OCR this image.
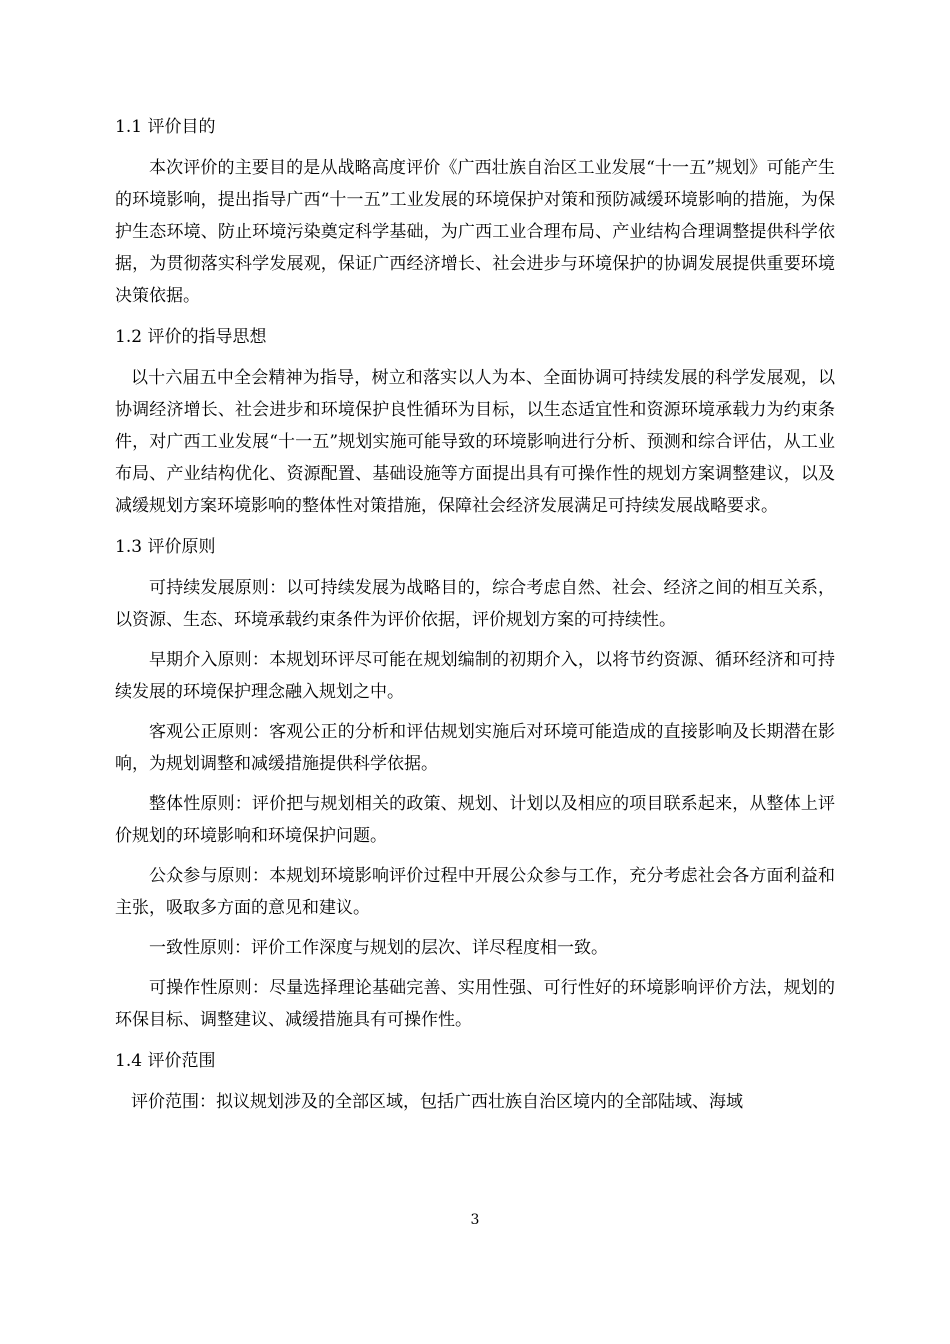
1.1 评价目的

本次评价的主要目的是从战略高度评价《广西壮族自治区工业发展“十一五”规划》可能产生的环境影响，提出指导广西“十一五”工业发展的环境保护对策和预防减缓环境影响的措施，为保护生态环境、防止环境污染奠定科学基础，为广西工业合理布局、产业结构合理调整提供科学依据，为贯彻落实科学发展观，保证广西经济增长、社会进步与环境保护的协调发展提供重要环境决策依据。

1.2 评价的指导思想

以十六届五中全会精神为指导，树立和落实以人为本、全面协调可持续发展的科学发展观，以协调经济增长、社会进步和环境保护良性循环为目标，以生态适宜性和资源环境承载力为约束条件，对广西工业发展“十一五”规划实施可能导致的环境影响进行分析、预测和综合评估，从工业布局、产业结构优化、资源配置、基础设施等方面提出具有可操作性的规划方案调整建议，以及减缓规划方案环境影响的整体性对策措施，保障社会经济发展满足可持续发展战略要求。

1.3 评价原则

可持续发展原则：以可持续发展为战略目的，综合考虑自然、社会、经济之间的相互关系，以资源、生态、环境承载约束条件为评价依据，评价规划方案的可持续性。

早期介入原则：本规划环评尽可能在规划编制的初期介入，以将节约资源、循环经济和可持续发展的环境保护理念融入规划之中。

客观公正原则：客观公正的分析和评估规划实施后对环境可能造成的直接影响及长期潜在影响，为规划调整和减缓措施提供科学依据。

整体性原则：评价把与规划相关的政策、规划、计划以及相应的项目联系起来，从整体上评价规划的环境影响和环境保护问题。

公众参与原则：本规划环境影响评价过程中开展公众参与工作，充分考虑社会各方面利益和主张，吸取多方面的意见和建议。

一致性原则：评价工作深度与规划的层次、详尽程度相一致。

可操作性原则：尽量选择理论基础完善、实用性强、可行性好的环境影响评价方法，规划的环保目标、调整建议、减缓措施具有可操作性。

1.4 评价范围

评价范围：拟议规划涉及的全部区域，包括广西壮族自治区境内的全部陆域、海域

3
